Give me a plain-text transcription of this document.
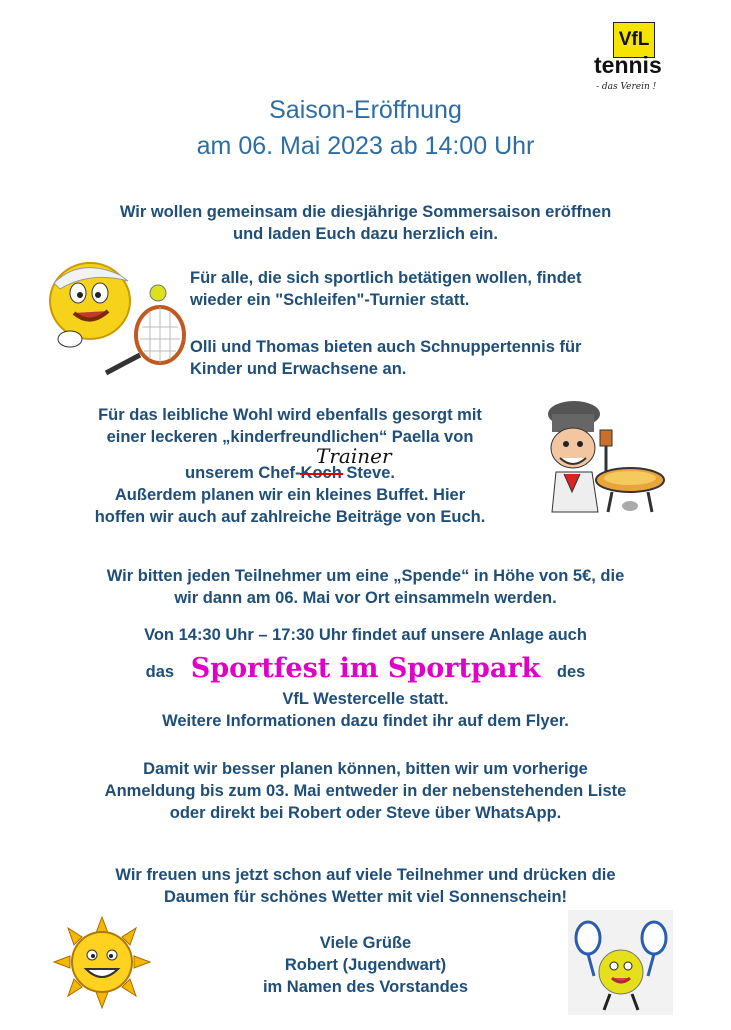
VfL
tennis
- das Verein !
Saison-Eröffnung
am 06. Mai 2023 ab 14:00 Uhr
Wir wollen gemeinsam die diesjährige Sommersaison eröffnen
und laden Euch dazu herzlich ein.
Für alle, die sich sportlich betätigen wollen, findet
wieder ein "Schleifen"-Turnier statt.
Olli und Thomas bieten auch Schnuppertennis für
Kinder und Erwachsene an.
Für das leibliche Wohl wird ebenfalls gesorgt mit
einer leckeren „kinderfreundlichen“ Paella von
unserem Chef-Koch Steve.
Außerdem planen wir ein kleines Buffet. Hier
hoffen wir auch auf zahlreiche Beiträge von Euch.
Trainer
Wir bitten jeden Teilnehmer um eine „Spende“ in Höhe von 5€, die
wir dann am 06. Mai vor Ort einsammeln werden.
Von 14:30 Uhr – 17:30 Uhr findet auf unsere Anlage auch
das Sportfest im Sportpark des
VfL Westercelle statt.
Weitere Informationen dazu findet ihr auf dem Flyer.
Damit wir besser planen können, bitten wir um vorherige
Anmeldung bis zum 03. Mai entweder in der nebenstehenden Liste
oder direkt bei Robert oder Steve über WhatsApp.
Wir freuen uns jetzt schon auf viele Teilnehmer und drücken die
Daumen für schönes Wetter mit viel Sonnenschein!
Viele Grüße
Robert (Jugendwart)
im Namen des Vorstandes
